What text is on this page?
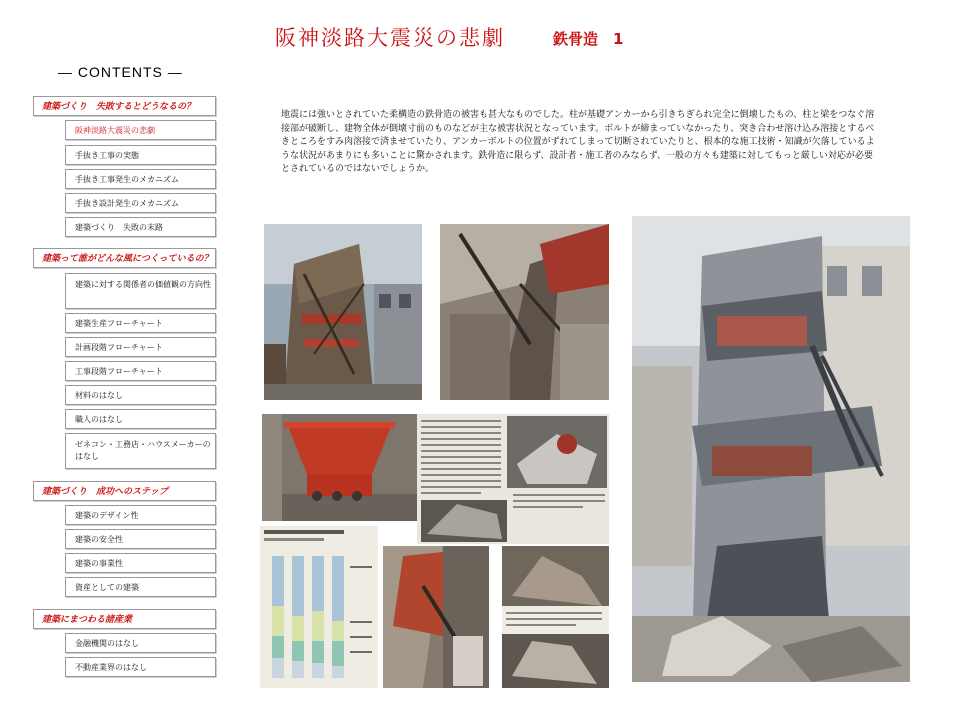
阪神淡路大震災の悲劇	鉄骨造　1
— CONTENTS —
建築づくり　失敗するとどうなるの？
阪神淡路大震災の悲劇
手抜き工事の実態
手抜き工事発生のメカニズム
手抜き設計発生のメカニズム
建築づくり　失敗の末路
建築って誰がどんな風につくっているの？
建築に対する関係者の価値観の方向性
建築生産フローチャート
計画段階フローチャート
工事段階フローチャート
材料のはなし
職人のはなし
ゼネコン・工務店・ハウスメーカーのはなし
建築づくり　成功へのステップ
建築のデザイン性
建築の安全性
建築の事業性
資産としての建築
建築にまつわる諸産業
金融機関のはなし
不動産業界のはなし
地震には強いとされていた柔構造の鉄骨造の被害も甚大なものでした。柱が基礎アンカーから引きちぎられ完全に倒壊したもの、柱と梁をつなぐ溶接部が破断し、建物全体が倒壊寸前のものなどが主な被害状況となっています。ボルトが締まっていなかったり、突き合わせ溶け込み溶接とするべきところをすみ肉溶接で済ませていたり、アンカーボルトの位置がずれてしまって切断されていたりと、根本的な施工技術・知識が欠落しているような状況があまりにも多いことに驚かされます。鉄骨造に限らず、設計者・施工者のみならず、一般の方々も建築に対してもっと厳しい対応が必要とされているのではないでしょうか。
